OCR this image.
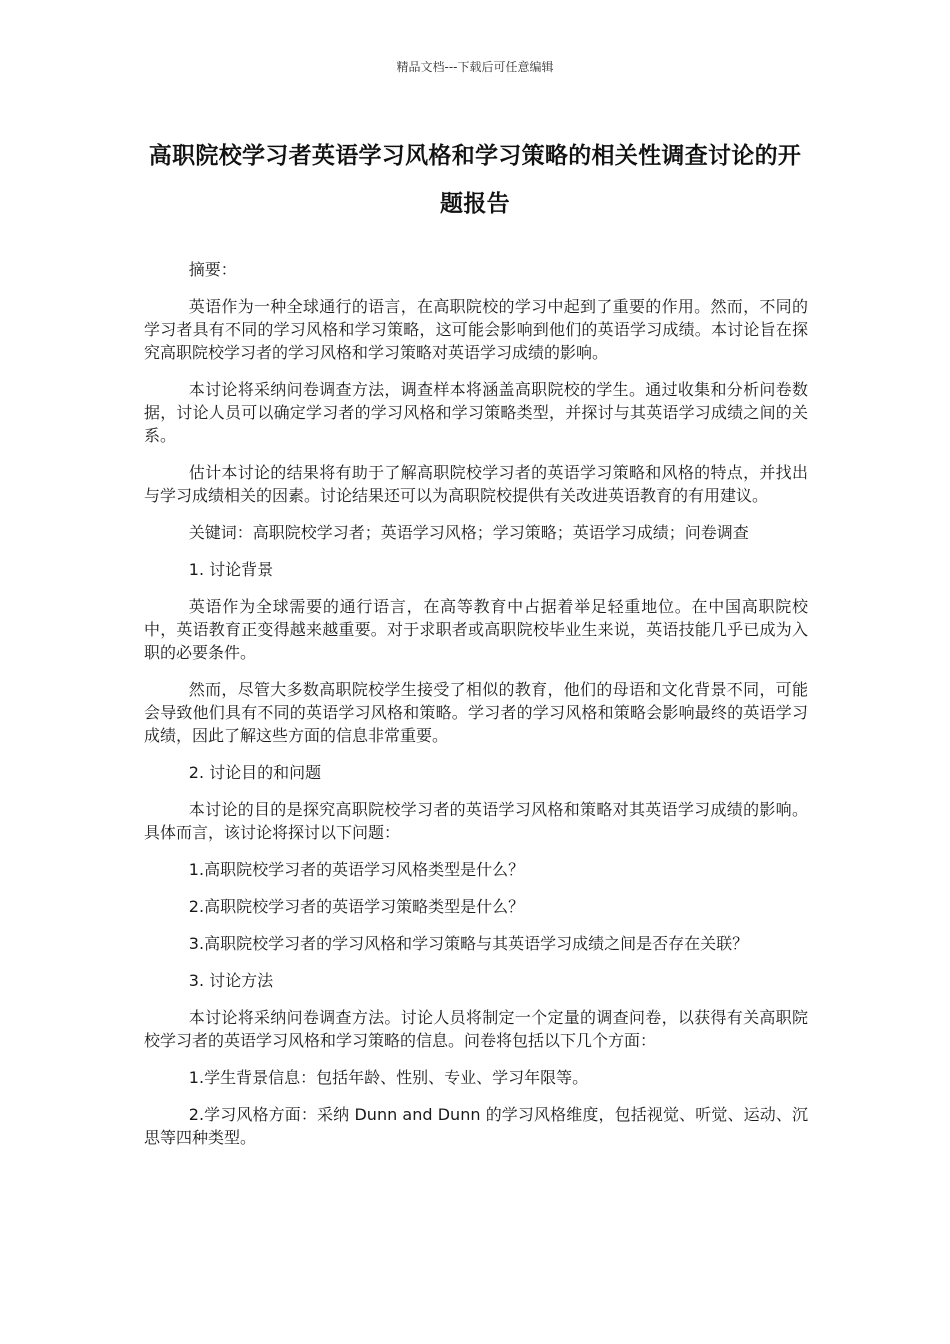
精品文档---下载后可任意编辑
高职院校学习者英语学习风格和学习策略的相关性调查讨论的开题报告

摘要：

英语作为一种全球通行的语言，在高职院校的学习中起到了重要的作用。然而，不同的学习者具有不同的学习风格和学习策略，这可能会影响到他们的英语学习成绩。本讨论旨在探究高职院校学习者的学习风格和学习策略对英语学习成绩的影响。

本讨论将采纳问卷调查方法，调查样本将涵盖高职院校的学生。通过收集和分析问卷数据，讨论人员可以确定学习者的学习风格和学习策略类型，并探讨与其英语学习成绩之间的关系。

估计本讨论的结果将有助于了解高职院校学习者的英语学习策略和风格的特点，并找出与学习成绩相关的因素。讨论结果还可以为高职院校提供有关改进英语教育的有用建议。

关键词：高职院校学习者；英语学习风格；学习策略；英语学习成绩；问卷调查

1. 讨论背景

英语作为全球需要的通行语言，在高等教育中占据着举足轻重地位。在中国高职院校中，英语教育正变得越来越重要。对于求职者或高职院校毕业生来说，英语技能几乎已成为入职的必要条件。

然而，尽管大多数高职院校学生接受了相似的教育，他们的母语和文化背景不同，可能会导致他们具有不同的英语学习风格和策略。学习者的学习风格和策略会影响最终的英语学习成绩，因此了解这些方面的信息非常重要。

2. 讨论目的和问题

本讨论的目的是探究高职院校学习者的英语学习风格和策略对其英语学习成绩的影响。具体而言，该讨论将探讨以下问题：

1.高职院校学习者的英语学习风格类型是什么？

2.高职院校学习者的英语学习策略类型是什么？

3.高职院校学习者的学习风格和学习策略与其英语学习成绩之间是否存在关联？

3. 讨论方法

本讨论将采纳问卷调查方法。讨论人员将制定一个定量的调查问卷，以获得有关高职院校学习者的英语学习风格和学习策略的信息。问卷将包括以下几个方面：

1.学生背景信息：包括年龄、性别、专业、学习年限等。

2.学习风格方面：采纳 Dunn and Dunn 的学习风格维度，包括视觉、听觉、运动、沉思等四种类型。
